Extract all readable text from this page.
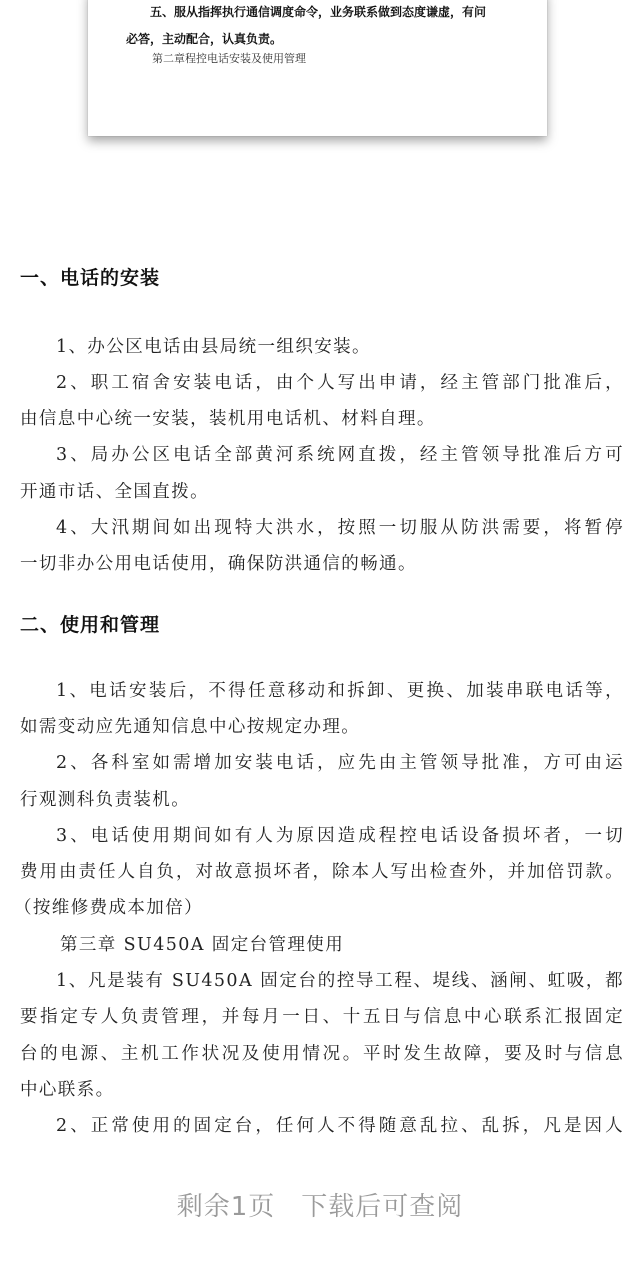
五、服从指挥执行通信调度命令，业务联系做到态度谦虚，有问
必答，主动配合，认真负责。
第二章程控电话安装及使用管理
一、电话的安装
1、办公区电话由县局统一组织安装。
2、职工宿舍安装电话，由个人写出申请，经主管部门批准后，
由信息中心统一安装，装机用电话机、材料自理。
3、局办公区电话全部黄河系统网直拨，经主管领导批准后方可
开通市话、全国直拨。
4、大汛期间如出现特大洪水，按照一切服从防洪需要，将暂停
一切非办公用电话使用，确保防洪通信的畅通。
二、使用和管理
1、电话安装后，不得任意移动和拆卸、更换、加装串联电话等，
如需变动应先通知信息中心按规定办理。
2、各科室如需增加安装电话，应先由主管领导批准，方可由运
行观测科负责装机。
3、电话使用期间如有人为原因造成程控电话设备损坏者，一切
费用由责任人自负，对故意损坏者，除本人写出检查外，并加倍罚款。
（按维修费成本加倍）
第三章 SU450A 固定台管理使用
1、凡是装有 SU450A 固定台的控导工程、堤线、涵闸、虹吸，都
要指定专人负责管理，并每月一日、十五日与信息中心联系汇报固定
台的电源、主机工作状况及使用情况。平时发生故障，要及时与信息
中心联系。
2、正常使用的固定台，任何人不得随意乱拉、乱拆，凡是因人
剩余1页 下载后可查阅
